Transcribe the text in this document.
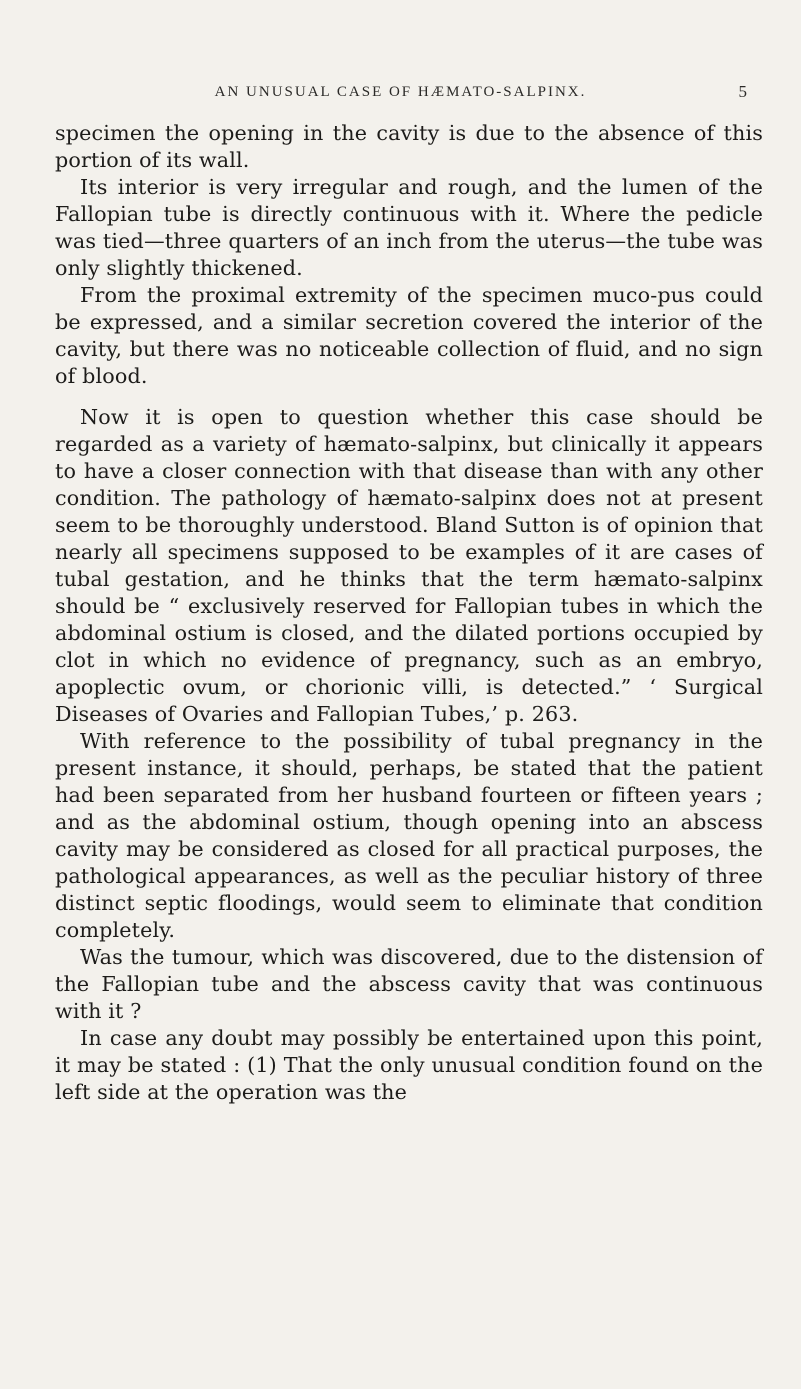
AN UNUSUAL CASE OF HÆMATO-SALPINX.	5

specimen the opening in the cavity is due to the absence of this portion of its wall.

Its interior is very irregular and rough, and the lumen of the Fallopian tube is directly continuous with it. Where the pedicle was tied—three quarters of an inch from the uterus—the tube was only slightly thickened.

From the proximal extremity of the specimen muco-pus could be expressed, and a similar secretion covered the interior of the cavity, but there was no noticeable collection of fluid, and no sign of blood.

Now it is open to question whether this case should be regarded as a variety of hæmato-salpinx, but clinically it appears to have a closer connection with that disease than with any other condition. The pathology of hæmato-salpinx does not at present seem to be thoroughly understood. Bland Sutton is of opinion that nearly all specimens supposed to be examples of it are cases of tubal gestation, and he thinks that the term hæmato-salpinx should be “ exclusively reserved for Fallopian tubes in which the abdominal ostium is closed, and the dilated portions occupied by clot in which no evidence of pregnancy, such as an embryo, apoplectic ovum, or chorionic villi, is detected.” ‘ Surgical Diseases of Ovaries and Fallopian Tubes,’ p. 263.

With reference to the possibility of tubal pregnancy in the present instance, it should, perhaps, be stated that the patient had been separated from her husband fourteen or fifteen years ; and as the abdominal ostium, though opening into an abscess cavity may be considered as closed for all practical purposes, the pathological appearances, as well as the peculiar history of three distinct septic floodings, would seem to eliminate that condition completely.

Was the tumour, which was discovered, due to the distension of the Fallopian tube and the abscess cavity that was continuous with it ?

In case any doubt may possibly be entertained upon this point, it may be stated : (1) That the only unusual condition found on the left side at the operation was the
